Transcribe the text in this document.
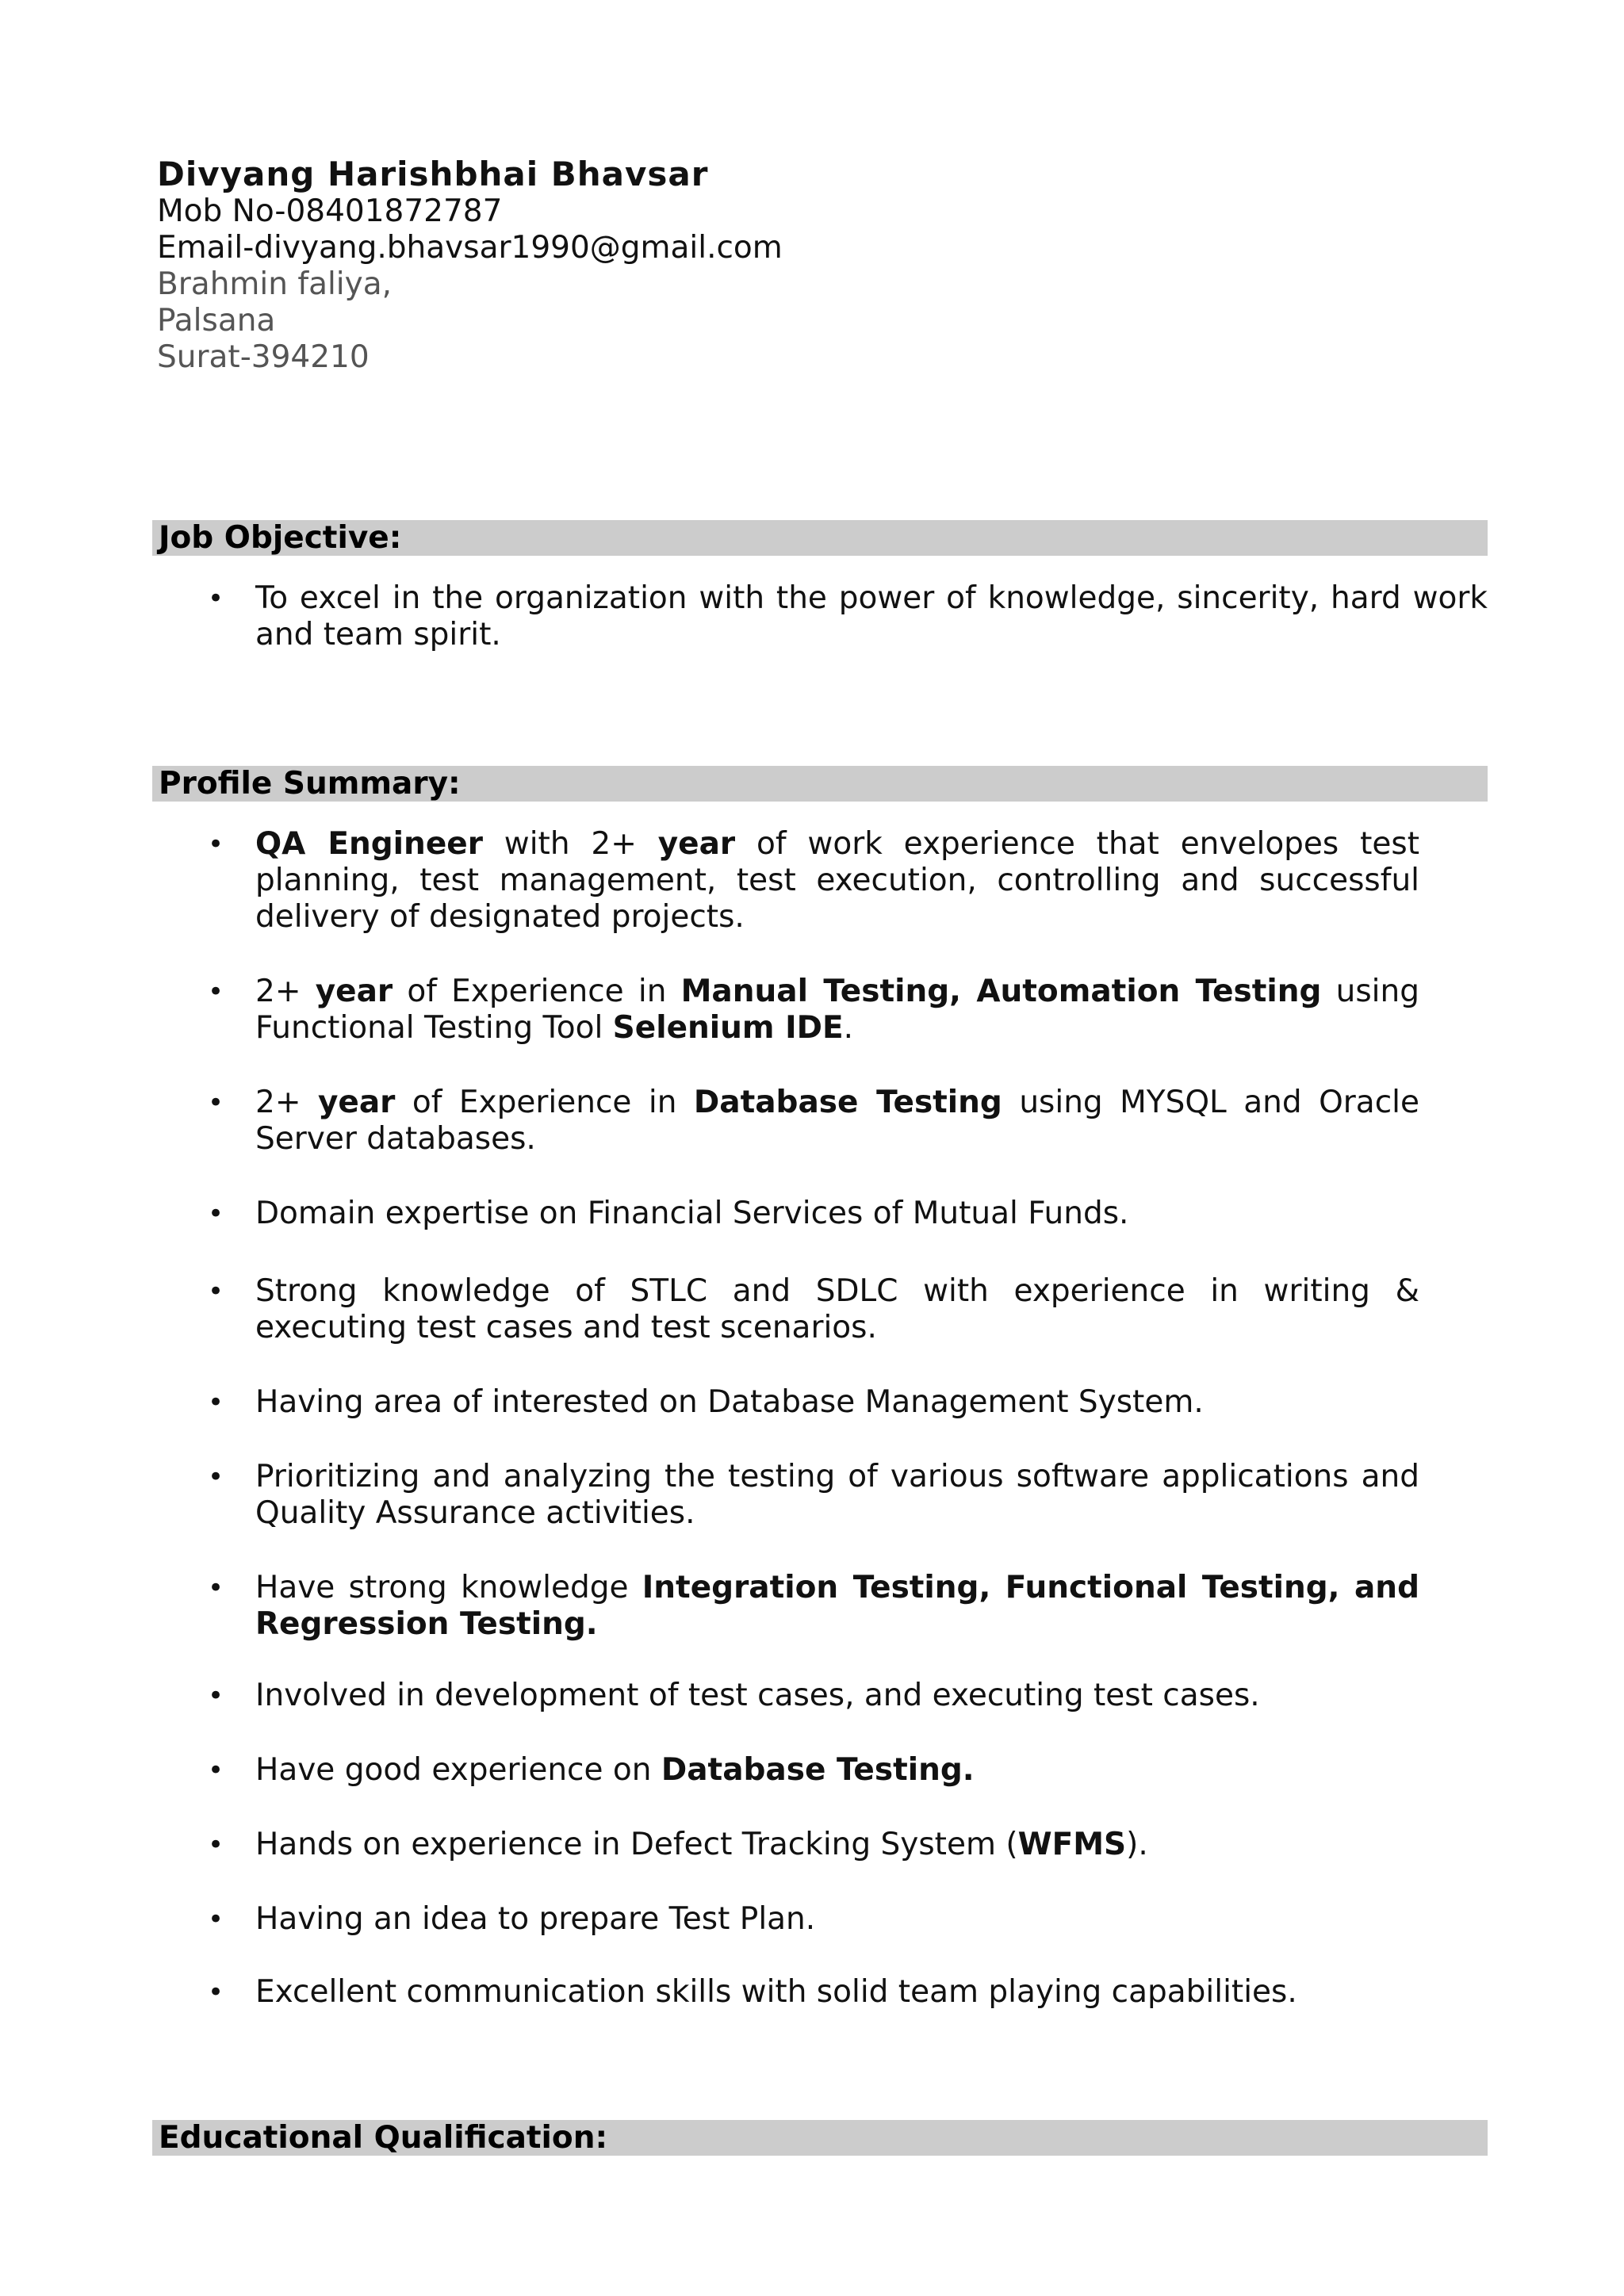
Divyang Harishbhai Bhavsar
Mob No-08401872787
Email-divyang.bhavsar1990@gmail.com
Brahmin faliya,
Palsana
Surat-394210
Job Objective:
• To excel in the organization with the power of knowledge, sincerity, hard work and team spirit.
Profile Summary:
• QA Engineer with 2+ year of work experience that envelopes test planning, test management, test execution, controlling and successful delivery of designated projects.
• 2+ year of Experience in Manual Testing, Automation Testing using Functional Testing Tool Selenium IDE.
• 2+ year of Experience in Database Testing using MYSQL and Oracle Server databases.
• Domain expertise on Financial Services of Mutual Funds.
• Strong knowledge of STLC and SDLC with experience in writing & executing test cases and test scenarios.
• Having area of interested on Database Management System.
• Prioritizing and analyzing the testing of various software applications and Quality Assurance activities.
• Have strong knowledge Integration Testing, Functional Testing, and Regression Testing.
• Involved in development of test cases, and executing test cases.
• Have good experience on Database Testing.
• Hands on experience in Defect Tracking System (WFMS).
• Having an idea to prepare Test Plan.
• Excellent communication skills with solid team playing capabilities.
Educational Qualification:
